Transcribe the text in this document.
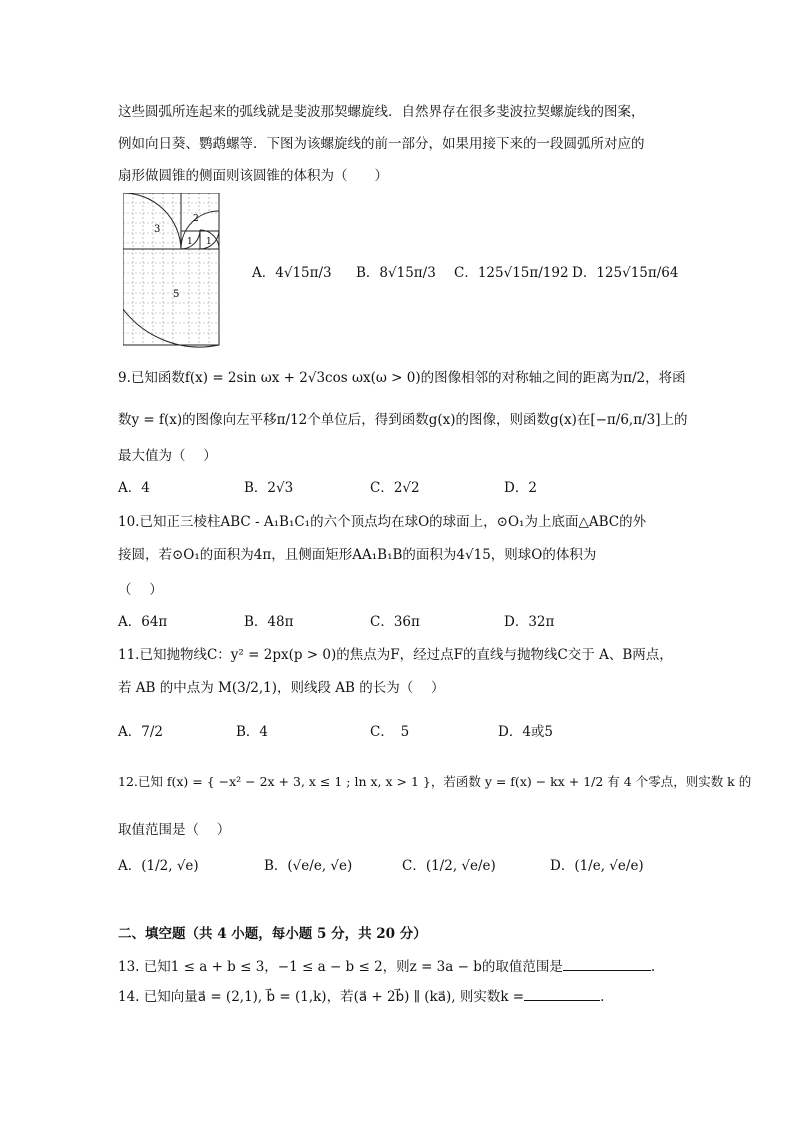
这些圆弧所连起来的弧线就是斐波那契螺旋线．自然界存在很多斐波拉契螺旋线的图案，
例如向日葵、鹦鹉螺等．下图为该螺旋线的前一部分，如果用接下来的一段圆弧所对应的
扇形做圆锥的侧面则该圆锥的体积为（　　）
3
2
1 1
5
A．4√15π/3 B．8√15π/3 C．125√15π/192 D．125√15π/64
9.已知函数f(x) = 2sin ωx + 2√3cos ωx(ω > 0)的图像相邻的对称轴之间的距离为π/2，将函
数y = f(x)的图像向左平移π/12个单位后，得到函数g(x)的图像，则函数g(x)在[−π/6,π/3]上的
最大值为（　 ）
A．4	B．2√3	C．2√2	D．2
10.已知正三棱柱ABC - A₁B₁C₁的六个顶点均在球O的球面上，⊙O₁为上底面△ABC的外
接圆，若⊙O₁的面积为4π，且侧面矩形AA₁B₁B的面积为4√15，则球O的体积为
（　 ）
A．64π	B．48π	C．36π	D．32π
11.已知抛物线C：y² = 2px(p > 0)的焦点为F，经过点F的直线与抛物线C交于 A、B两点，
若 AB 的中点为 M(3/2,1)，则线段 AB 的长为（　 ）
A．7/2	B．4	C．　5	D．4或5
12.已知 f(x) = { −x² − 2x + 3, x ≤ 1 ; ln x, x > 1 }，若函数 y = f(x) − kx + 1/2 有 4 个零点，则实数 k 的
取值范围是（　 ）
A．(1/2, √e)	B．(√e/e, √e)	C．(1/2, √e/e)	D．(1/e, √e/e)
二、填空题（共 4 小题，每小题 5 分，共 20 分）
13. 已知1 ≤ a + b ≤ 3，−1 ≤ a − b ≤ 2，则z = 3a − b的取值范围是	.
14. 已知向量a⃗ = (2,1), b⃗ = (1,k)，若(a⃗ + 2b⃗) ∥ (ka⃗), 则实数k =	.
